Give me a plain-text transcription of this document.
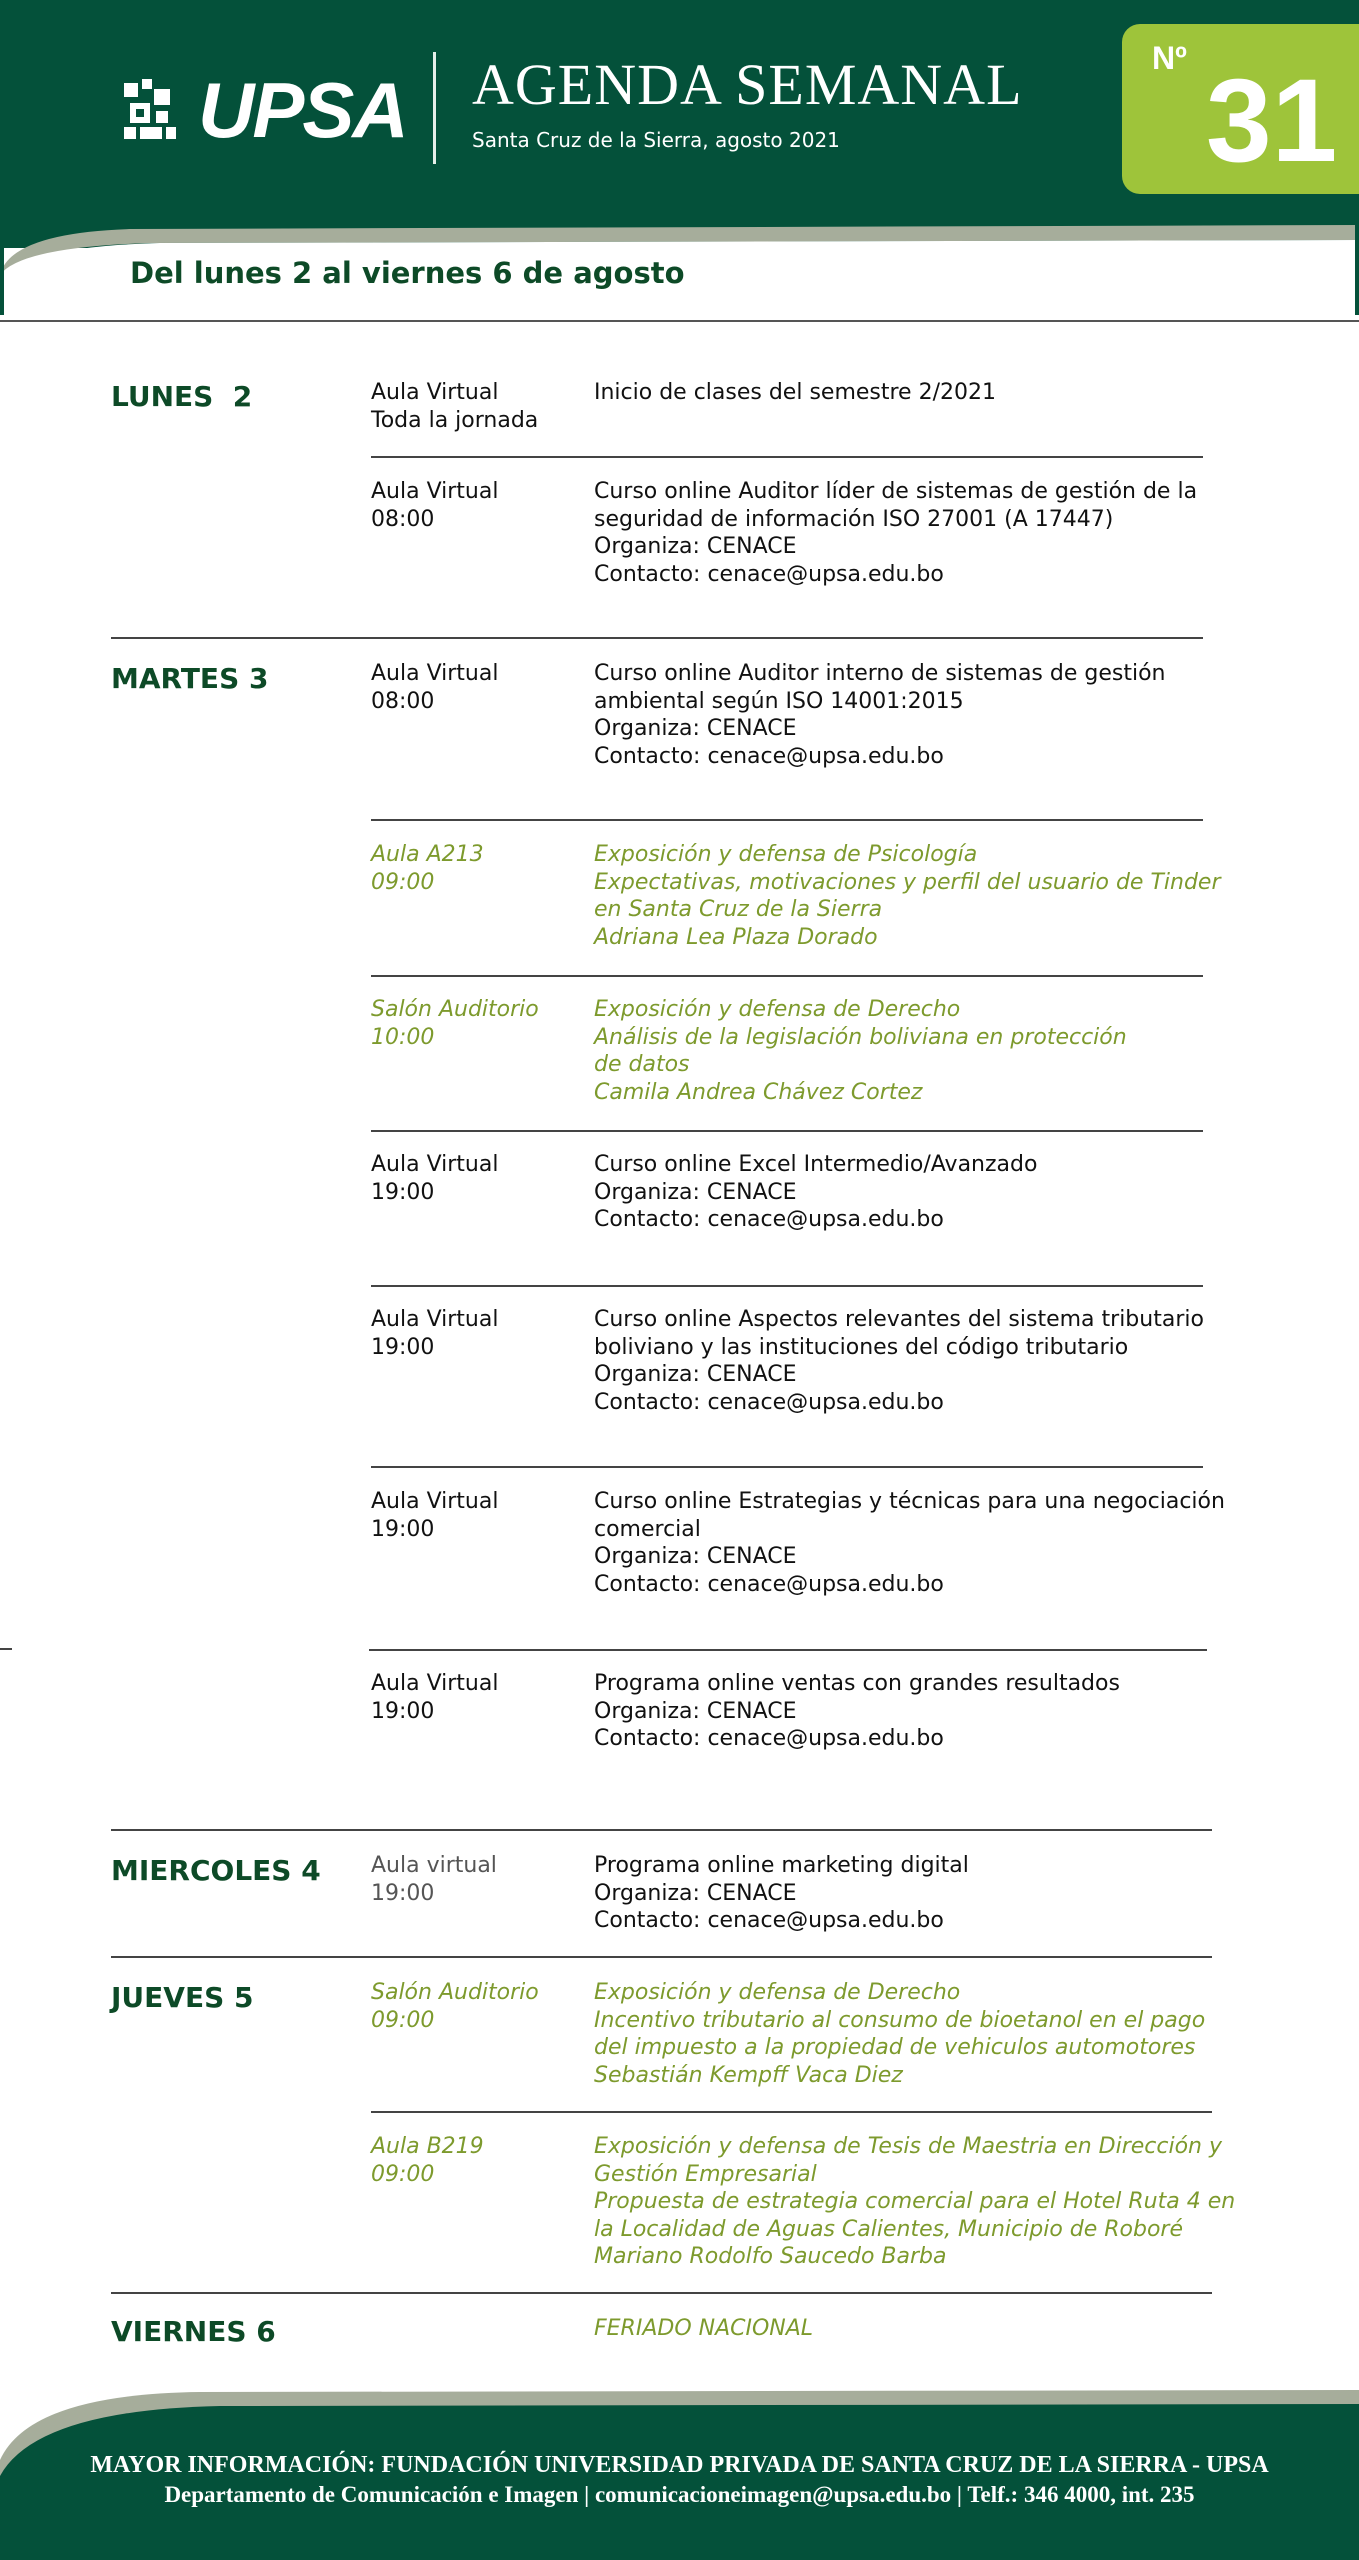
UPSA AGENDA SEMANAL
Santa Cruz de la Sierra, agosto 2021
Nº 31
Del lunes 2 al viernes 6 de agosto
LUNES  2
MARTES 3
MIERCOLES 4
JUEVES 5
VIERNES 6
Aula Virtual
Toda la jornada
Inicio de clases del semestre 2/2021
Aula Virtual
08:00
Curso online Auditor líder de sistemas de gestión de la
seguridad de información ISO 27001 (A 17447)
Organiza: CENACE
Contacto: cenace@upsa.edu.bo
Aula Virtual
08:00
Curso online Auditor interno de sistemas de gestión
ambiental según ISO 14001:2015
Organiza: CENACE
Contacto: cenace@upsa.edu.bo
Aula A213
09:00
Exposición y defensa de Psicología
Expectativas, motivaciones y perfil del usuario de Tinder
en Santa Cruz de la Sierra
Adriana Lea Plaza Dorado
Salón Auditorio
10:00
Exposición y defensa de Derecho
Análisis de la legislación boliviana en protección
de datos
Camila Andrea Chávez Cortez
Aula Virtual
19:00
Curso online Excel Intermedio/Avanzado
Organiza: CENACE
Contacto: cenace@upsa.edu.bo
Aula Virtual
19:00
Curso online Aspectos relevantes del sistema tributario
boliviano y las instituciones del código tributario
Organiza: CENACE
Contacto: cenace@upsa.edu.bo
Aula Virtual
19:00
Curso online Estrategias y técnicas para una negociación
comercial
Organiza: CENACE
Contacto: cenace@upsa.edu.bo
Aula Virtual
19:00
Programa online ventas con grandes resultados
Organiza: CENACE
Contacto: cenace@upsa.edu.bo
Aula virtual
19:00
Programa online marketing digital
Organiza: CENACE
Contacto: cenace@upsa.edu.bo
Salón Auditorio
09:00
Exposición y defensa de Derecho
Incentivo tributario al consumo de bioetanol en el pago
del impuesto a la propiedad de vehiculos automotores
Sebastián Kempff Vaca Diez
Aula B219
09:00
Exposición y defensa de Tesis de Maestria en Dirección y
Gestión Empresarial
Propuesta de estrategia comercial para el Hotel Ruta 4 en
la Localidad de Aguas Calientes, Municipio de Roboré
Mariano Rodolfo Saucedo Barba
FERIADO NACIONAL
MAYOR INFORMACIÓN: FUNDACIÓN UNIVERSIDAD PRIVADA DE SANTA CRUZ DE LA SIERRA - UPSA
Departamento de Comunicación e Imagen | comunicacioneimagen@upsa.edu.bo | Telf.: 346 4000, int. 235
